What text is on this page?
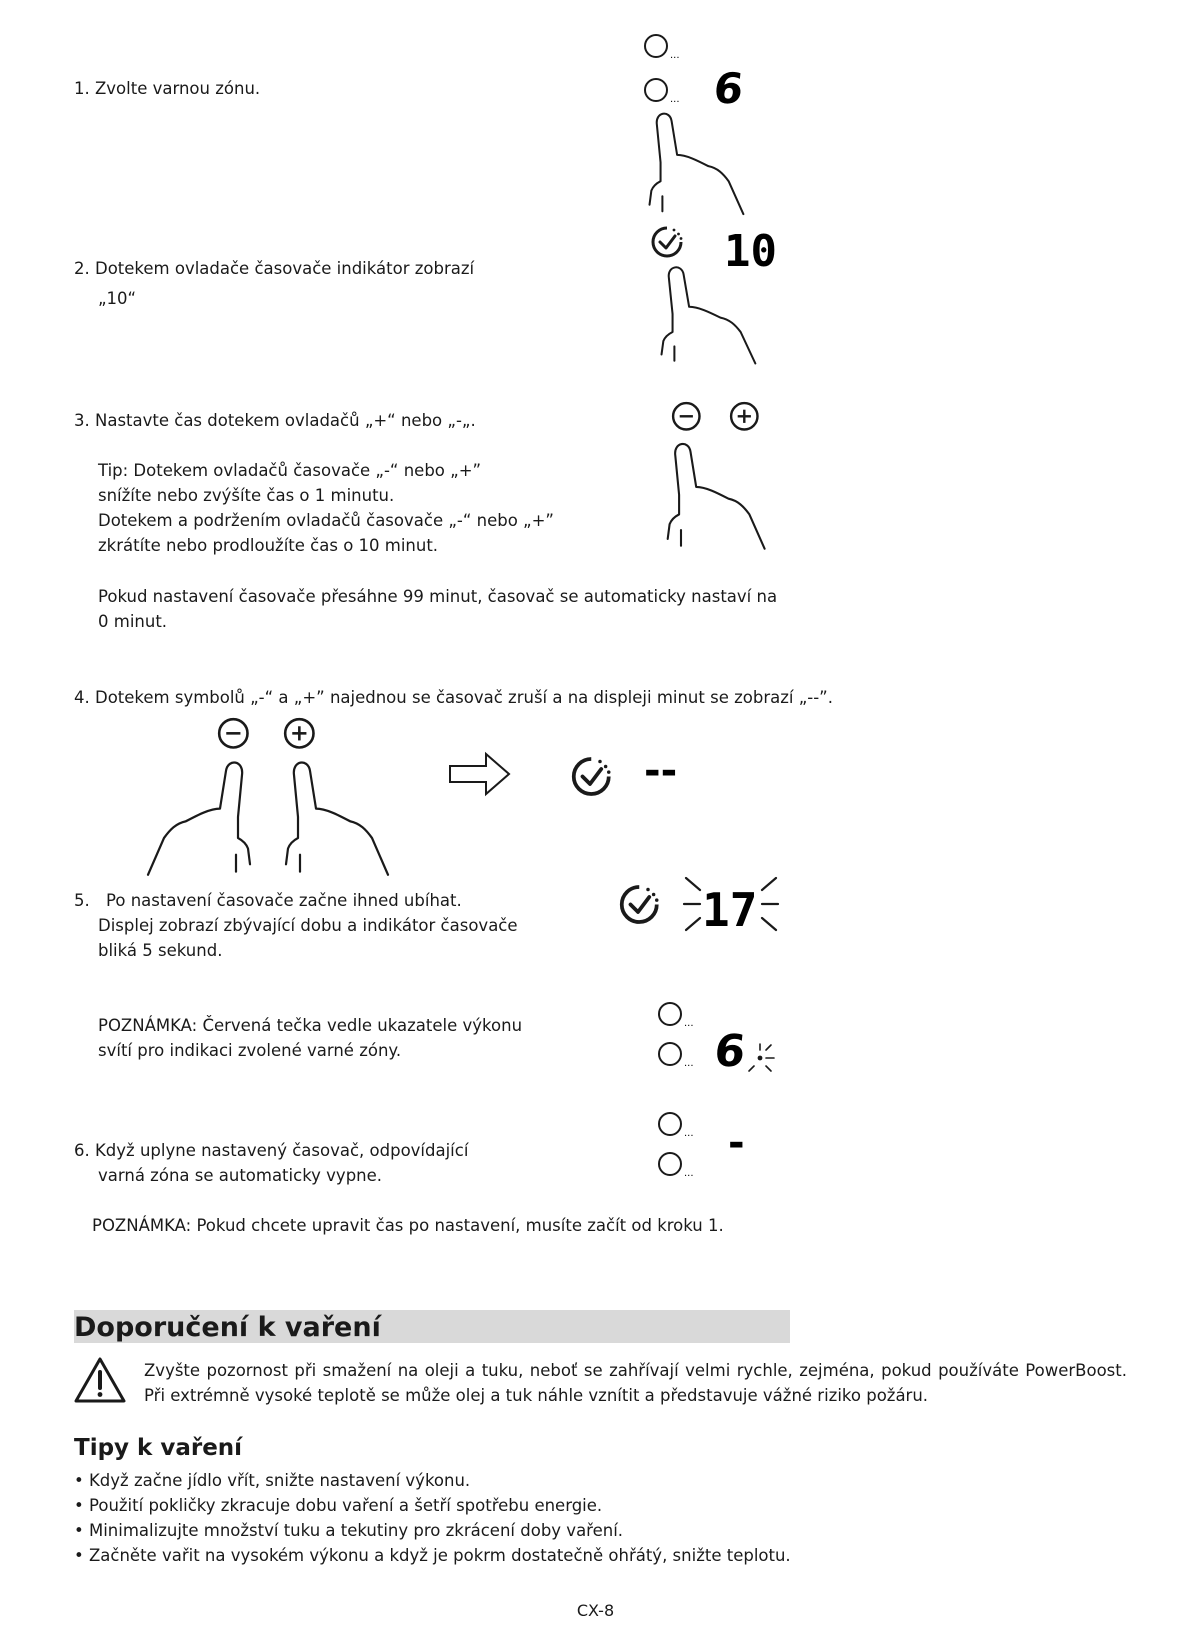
1. Zvolte varnou zónu.
...
... 6
2. Dotekem ovladače časovače indikátor zobrazí
„10“
10
3. Nastavte čas dotekem ovladačů „+“ nebo „-„.
Tip: Dotekem ovladačů časovače „-“ nebo „+”
snížíte nebo zvýšíte čas o 1 minutu.
Dotekem a podržením ovladačů časovače „-“ nebo „+”
zkrátíte nebo prodloužíte čas o 10 minut.
Pokud nastavení časovače přesáhne 99 minut, časovač se automaticky nastaví na
0 minut.
4. Dotekem symbolů „-“ a „+” najednou se časovač zruší a na displeji minut se zobrazí „--”.
--
5. Po nastavení časovače začne ihned ubíhat.
Displej zobrazí zbývající dobu a indikátor časovače
bliká 5 sekund.
17
POZNÁMKA: Červená tečka vedle ukazatele výkonu
svítí pro indikaci zvolené varné zóny.
...
... 6
6. Když uplyne nastavený časovač, odpovídající
varná zóna se automaticky vypne.
...
...
-
POZNÁMKA: Pokud chcete upravit čas po nastavení, musíte začít od kroku 1.
Doporučení k vaření
Zvyšte pozornost při smažení na oleji a tuku, neboť se zahřívají velmi rychle, zejména, pokud používáte PowerBoost. Při extrémně vysoké teplotě se může olej a tuk náhle vznítit a představuje vážné riziko požáru.
Tipy k vaření
• Když začne jídlo vřít, snižte nastavení výkonu.
• Použití pokličky zkracuje dobu vaření a šetří spotřebu energie.
• Minimalizujte množství tuku a tekutiny pro zkrácení doby vaření.
• Začněte vařit na vysokém výkonu a když je pokrm dostatečně ohřátý, snižte teplotu.
CX-8
